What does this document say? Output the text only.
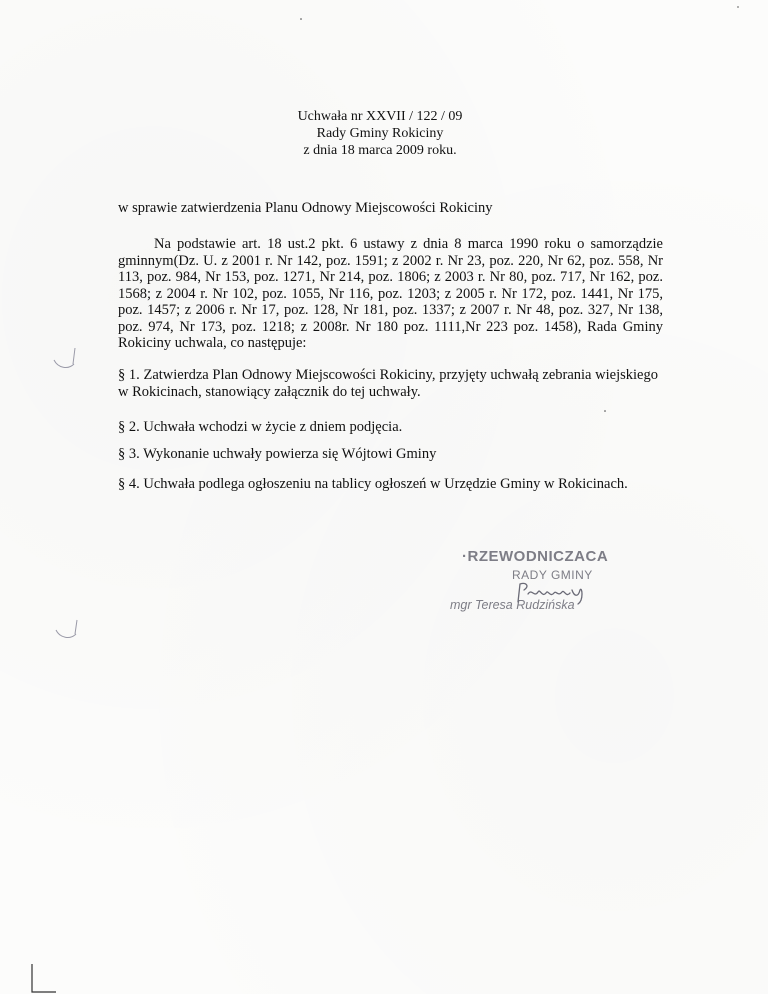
Uchwała nr XXVII / 122 / 09
Rady Gminy Rokiciny
z dnia 18 marca 2009 roku.
w sprawie zatwierdzenia Planu Odnowy Miejscowości Rokiciny
Na podstawie art. 18 ust.2 pkt. 6 ustawy z dnia 8 marca 1990 roku o samorządzie
gminnym(Dz. U. z 2001 r. Nr 142, poz. 1591; z 2002 r. Nr 23, poz. 220, Nr 62, poz. 558, Nr
113, poz. 984, Nr 153, poz. 1271, Nr 214, poz. 1806; z 2003 r. Nr 80, poz. 717, Nr 162, poz.
1568; z 2004 r. Nr 102, poz. 1055, Nr 116, poz. 1203; z 2005 r. Nr 172, poz. 1441, Nr 175,
poz. 1457; z 2006 r. Nr 17, poz. 128, Nr 181, poz. 1337; z 2007 r. Nr 48, poz. 327, Nr 138,
poz. 974, Nr 173, poz. 1218; z 2008r. Nr 180 poz. 1111,Nr 223 poz. 1458), Rada Gminy
Rokiciny uchwala, co następuje:
§ 1. Zatwierdza Plan Odnowy Miejscowości Rokiciny, przyjęty uchwałą zebrania wiejskiego
w Rokicinach, stanowiący załącznik do tej uchwały.
§ 2. Uchwała wchodzi w życie z dniem podjęcia.
§ 3. Wykonanie uchwały powierza się Wójtowi Gminy
§ 4. Uchwała podlega ogłoszeniu na tablicy ogłoszeń w Urzędzie Gminy w Rokicinach.
·RZEWODNICZACA
RADY GMINY
mgr Teresa Rudzińska
